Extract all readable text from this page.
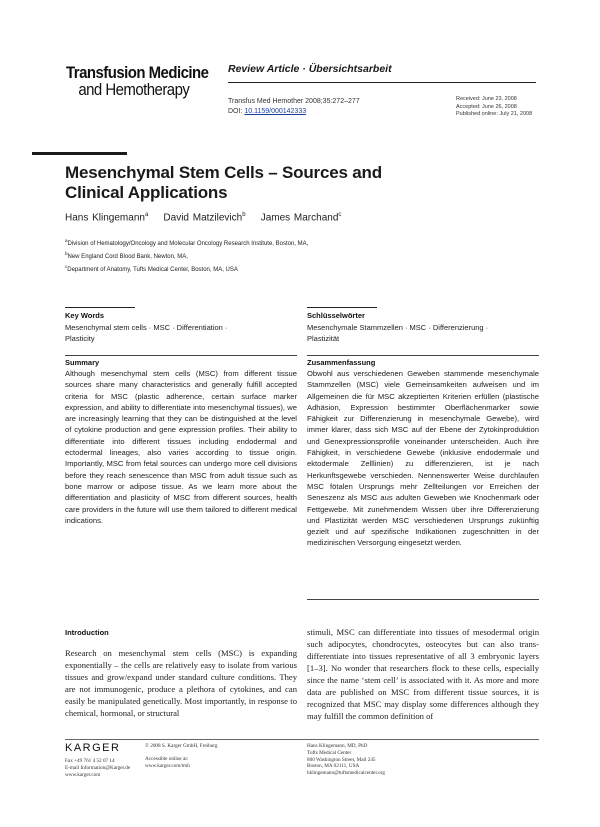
Transfusion Medicine
and Hemotherapy
Review Article · Übersichtsarbeit
Transfus Med Hemother 2008;35:272–277
DOI: 10.1159/000142333
Received: June 23, 2008
Accepted: June 26, 2008
Published online: July 21, 2008
Mesenchymal Stem Cells – Sources and
Clinical Applications
Hans Klingemann$^a$ David Matzilevich$^b$ James Marchand$^c$
$^a$Division of Hematology/Oncology and Molecular Oncology Research Institute, Boston, MA,
$^b$New England Cord Blood Bank, Newton, MA,
$^c$Department of Anatomy, Tufts Medical Center, Boston, MA, USA
Key Words
Mesenchymal stem cells · MSC · Differentiation ·
Plasticity
Summary
Although mesenchymal stem cells (MSC) from different tissue sources share many characteristics and generally fulfill accepted criteria for MSC (plastic adherence, certain surface marker expression, and ability to differentiate into mesenchymal tissues), we are increasingly learning that they can be distinguished at the level of cytokine production and gene expression profiles. Their ability to differentiate into different tissues including endodermal and ectodermal lineages, also varies according to tissue origin. Importantly, MSC from fetal sources can undergo more cell divisions before they reach senescence than MSC from adult tissue such as bone marrow or adipose tissue. As we learn more about the differentiation and plasticity of MSC from different sources, health care providers in the future will use them tailored to different medical indications.
Schlüsselwörter
Mesenchymale Stammzellen · MSC · Differenzierung ·
Plastizität
Zusammenfassung
Obwohl aus verschiedenen Geweben stammende mesenchymale Stammzellen (MSC) viele Gemeinsamkeiten aufweisen und im Allgemeinen die für MSC akzeptierten Kriterien erfüllen (plastische Adhäsion, Expression bestimmter Oberflächenmarker sowie Fähigkeit zur Differenzierung in mesenchymale Gewebe), wird immer klarer, dass sich MSC auf der Ebene der Zytokinproduktion und Genexpressionsprofile voneinander unterscheiden. Auch ihre Fähigkeit, in verschiedene Gewebe (inklusive endodermale und ektodermale Zelllinien) zu differenzieren, ist je nach Herkunftsgewebe verschieden. Nennenswerter Weise durchlaufen MSC fötalen Ursprungs mehr Zellteilungen vor Erreichen der Seneszenz als MSC aus adulten Geweben wie Knochenmark oder Fettgewebe. Mit zunehmendem Wissen über ihre Differenzierung und Plastizität werden MSC verschiedenen Ursprungs zukünftig gezielt und auf spezifische Indikationen zugeschnitten in der medizinischen Versorgung eingesetzt werden.
Introduction
Research on mesenchymal stem cells (MSC) is expanding exponentially – the cells are relatively easy to isolate from various tissues and grow/expand under standard culture conditions. They are not immunogenic, produce a plethora of cytokines, and can easily be manipulated genetically. Most importantly, in response to chemical, hormonal, or structural
stimuli, MSC can differentiate into tissues of mesodermal origin such adipocytes, chondrocytes, osteocytes but can also trans-differentiate into tissues representative of all 3 embryonic layers [1–3]. No wonder that researchers flock to these cells, especially since the name ‘stem cell’ is associated with it. As more and more data are published on MSC from different tissue sources, it is recognized that MSC may display some differences although they may fulfill the common definition of
KARGER
Fax +49 761 4 52 07 14
E-mail Information@Karger.de
www.karger.com
© 2008 S. Karger GmbH, Freiburg
Accessible online at:
www.karger.com/tmh
Hans Klingemann, MD, PhD
Tufts Medical Center
800 Washington Street, Mail 245
Boston, MA 02111, USA
hklingemann@tuftsmedicalcenter.org
